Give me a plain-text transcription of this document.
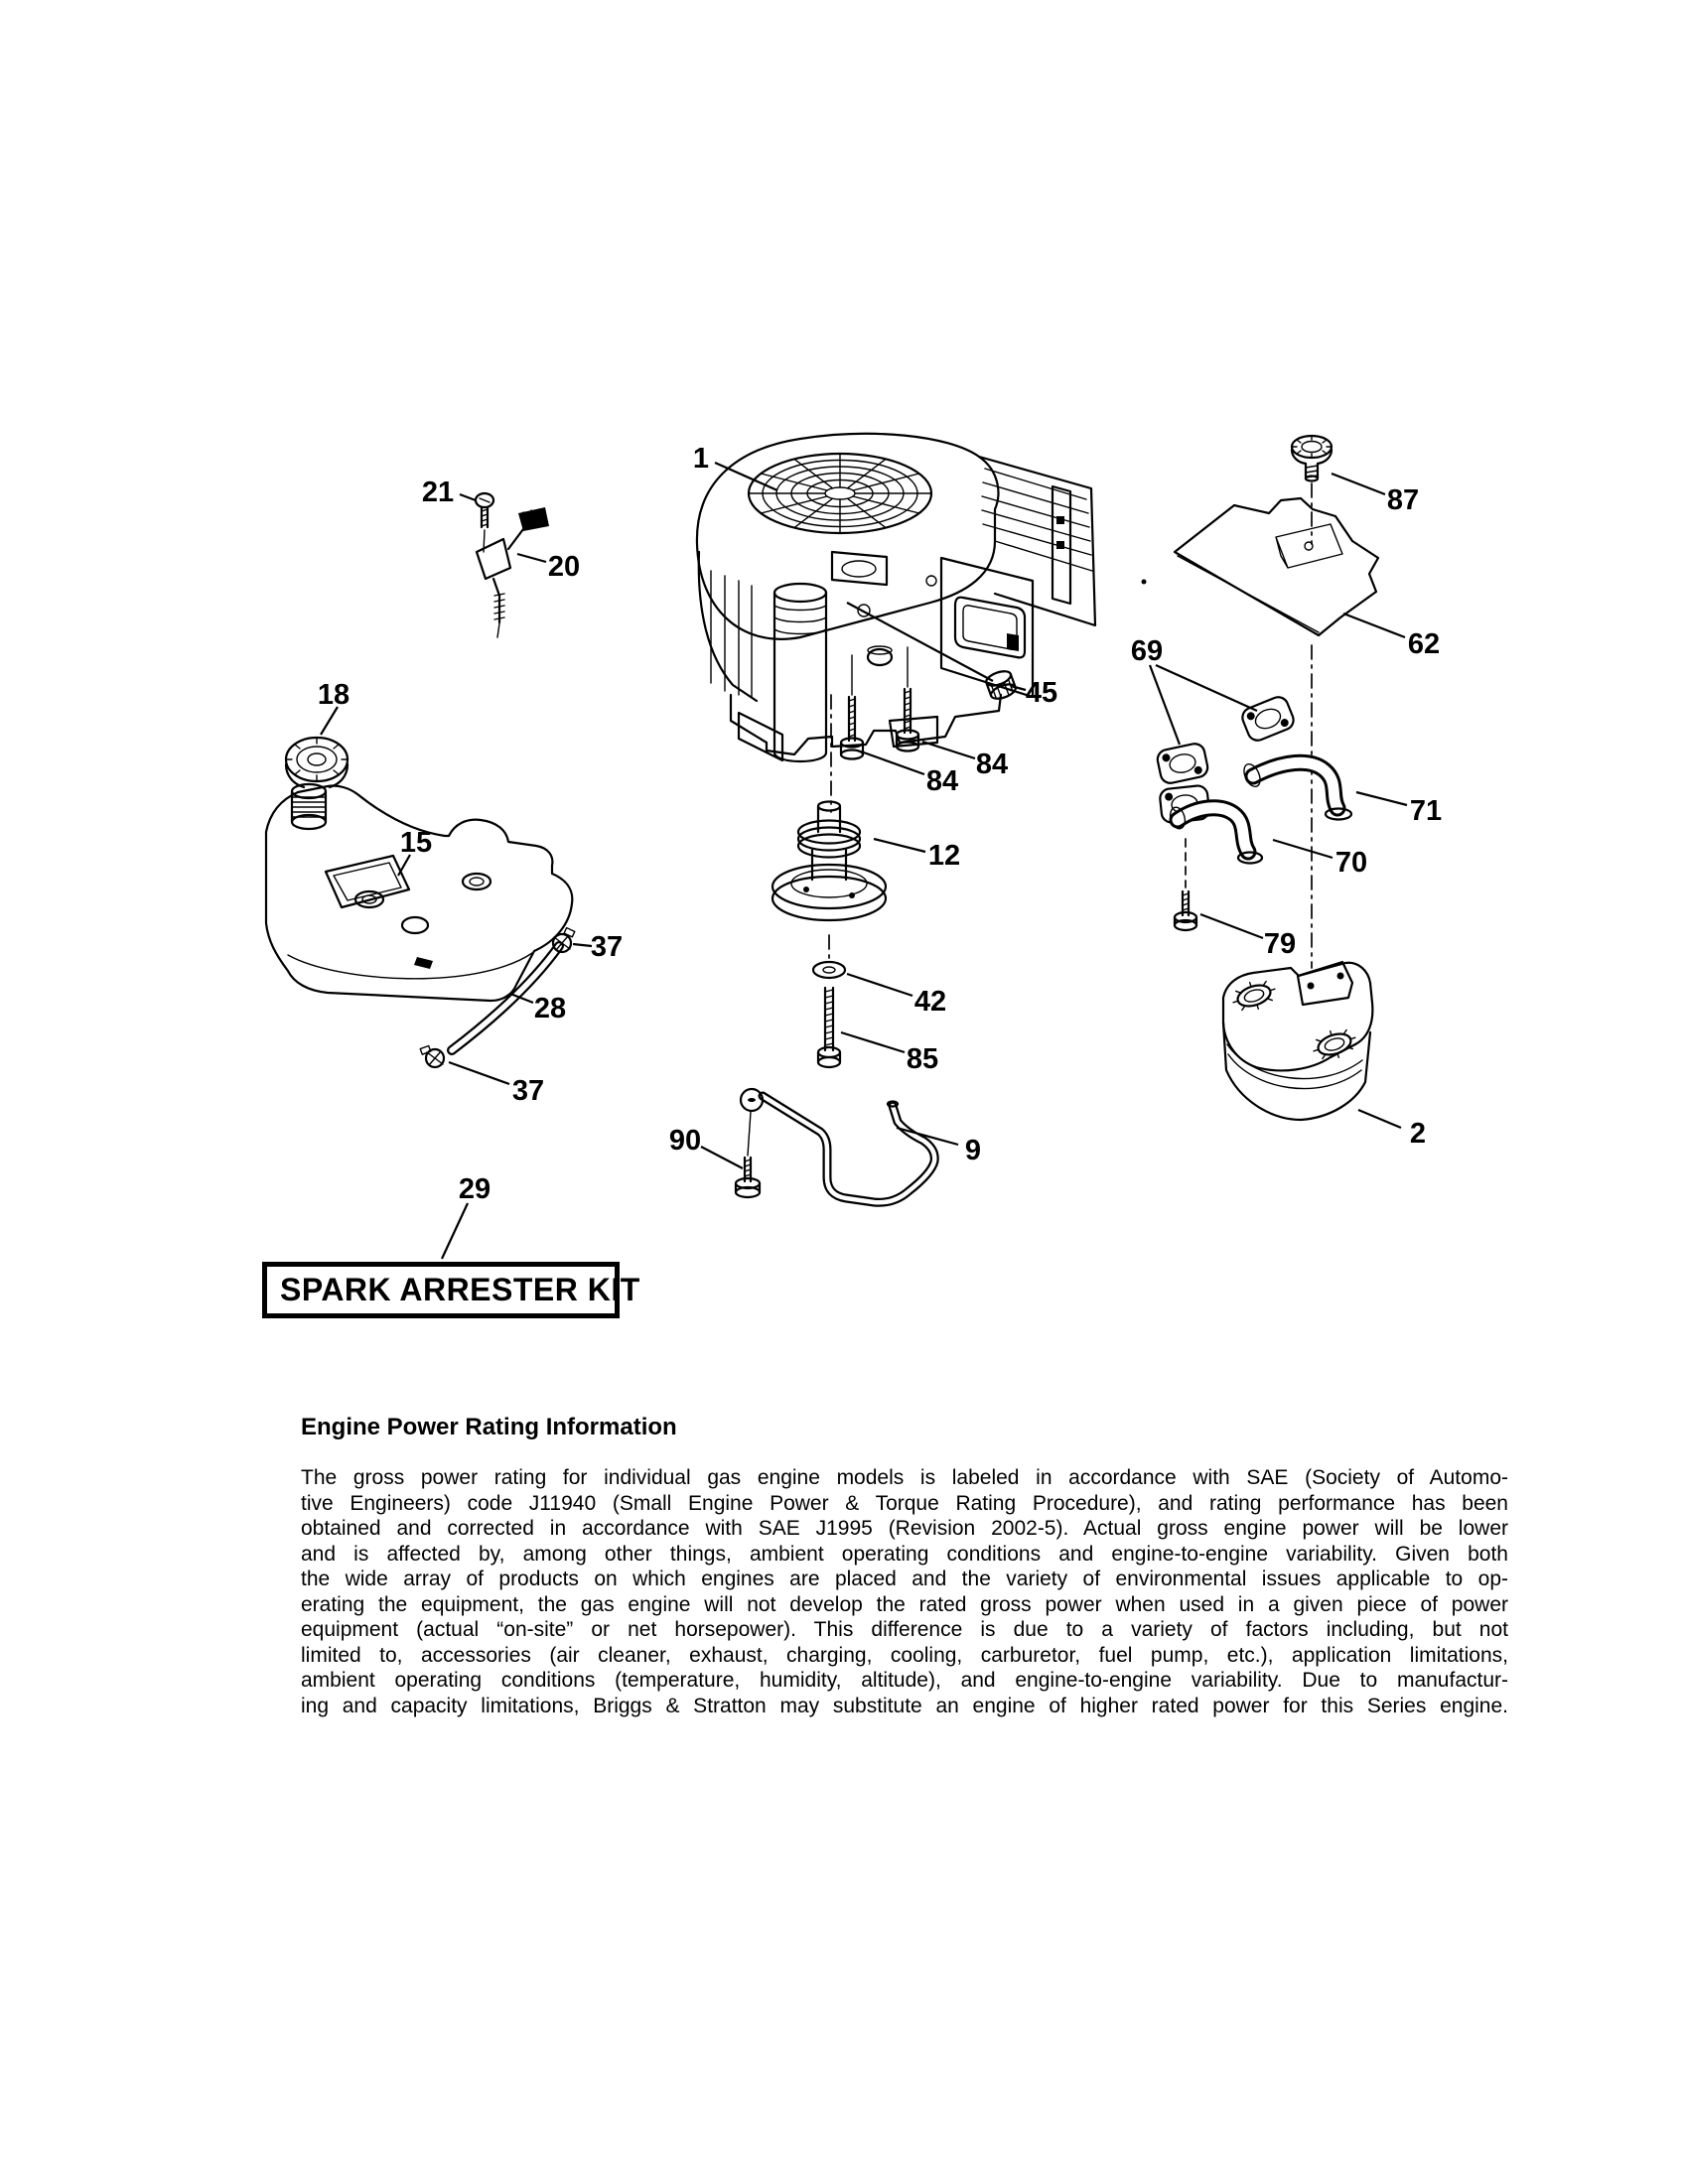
1
21
20
18
15
37
28
37
29
90	9
12
42
85
84
84
45
87
62
69
71
70
79
2
SPARK ARRESTER KIT
Engine Power Rating Information
The gross power rating for individual gas engine models is labeled in accordance with SAE (Society of Automo-
tive Engineers) code J11940 (Small Engine Power & Torque Rating Procedure), and rating performance has been
obtained and corrected in accordance with SAE J1995 (Revision 2002-5). Actual gross engine power will be lower
and is affected by, among other things, ambient operating conditions and engine-to-engine variability. Given both
the wide array of products on which engines are placed and the variety of environmental issues applicable to op-
erating the equipment, the gas engine will not develop the rated gross power when used in a given piece of power
equipment (actual “on-site” or net horsepower). This difference is due to a variety of factors including, but not
limited to, accessories (air cleaner, exhaust, charging, cooling, carburetor, fuel pump, etc.), application limitations,
ambient operating conditions (temperature, humidity, altitude), and engine-to-engine variability. Due to manufactur-
ing and capacity limitations, Briggs & Stratton may substitute an engine of higher rated power for this Series engine.
